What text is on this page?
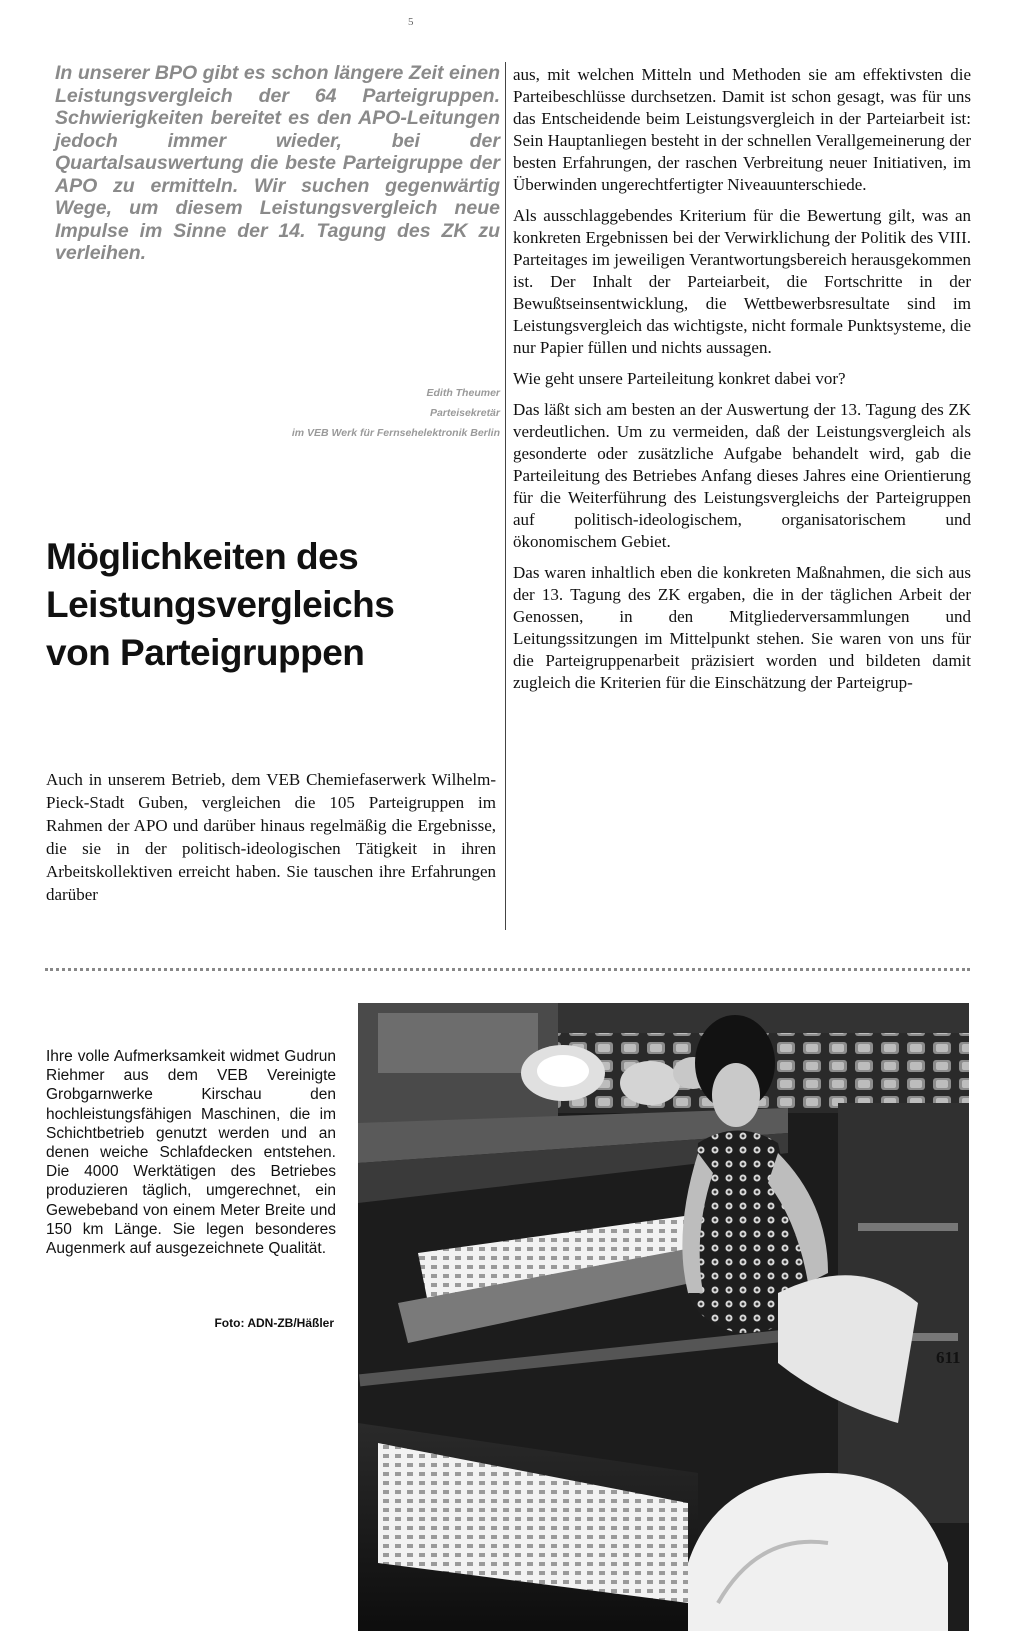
5

In unserer BPO gibt es schon längere Zeit einen Leistungsvergleich der 64 Parteigruppen. Schwierigkeiten bereitet es den APO-Leitungen jedoch immer wieder, bei der Quartalsauswertung die beste Parteigruppe der APO zu ermitteln. Wir suchen gegenwärtig Wege, um diesem Leistungsvergleich neue Impulse im Sinne der 14. Tagung des ZK zu verleihen.

Edith Theumer
Parteisekretär
im VEB Werk für Fernsehelektronik Berlin
Möglichkeiten des
Leistungsvergleichs
von Parteigruppen

Auch in unserem Betrieb, dem VEB Chemiefaserwerk Wilhelm-Pieck-Stadt Guben, vergleichen die 105 Parteigruppen im Rahmen der APO und darüber hinaus regelmäßig die Ergebnisse, die sie in der politisch-ideologischen Tätigkeit in ihren Arbeitskollektiven erreicht haben. Sie tauschen ihre Erfahrungen darüber

aus, mit welchen Mitteln und Methoden sie am effektivsten die Parteibeschlüsse durchsetzen. Damit ist schon gesagt, was für uns das Entscheidende beim Leistungsvergleich in der Parteiarbeit ist: Sein Hauptanliegen besteht in der schnellen Verallgemeinerung der besten Erfahrungen, der raschen Verbreitung neuer Initiativen, im Überwinden ungerechtfertigter Niveauunterschiede.

Als ausschlaggebendes Kriterium für die Bewertung gilt, was an konkreten Ergebnissen bei der Verwirklichung der Politik des VIII. Parteitages im jeweiligen Verantwortungsbereich herausgekommen ist. Der Inhalt der Parteiarbeit, die Fortschritte in der Bewußtseinsentwicklung, die Wettbewerbsresultate sind im Leistungsvergleich das wichtigste, nicht formale Punktsysteme, die nur Papier füllen und nichts aussagen.

Wie geht unsere Parteileitung konkret dabei vor?

Das läßt sich am besten an der Auswertung der 13. Tagung des ZK verdeutlichen. Um zu vermeiden, daß der Leistungsvergleich als gesonderte oder zusätzliche Aufgabe behandelt wird, gab die Parteileitung des Betriebes Anfang dieses Jahres eine Orientierung für die Weiterführung des Leistungsvergleichs der Parteigruppen auf politisch-ideologischem, organisatorischem und ökonomischem Gebiet.

Das waren inhaltlich eben die konkreten Maßnahmen, die sich aus der 13. Tagung des ZK ergaben, die in der täglichen Arbeit der Genossen, in den Mitgliederversammlungen und Leitungssitzungen im Mittelpunkt stehen. Sie waren von uns für die Parteigruppenarbeit präzisiert worden und bildeten damit zugleich die Kriterien für die Einschätzung der Parteigrup-

Ihre volle Aufmerksamkeit widmet Gudrun Riehmer aus dem VEB Vereinigte Grobgarnwerke Kirschau den hochleistungsfähigen Maschinen, die im Schichtbetrieb genutzt werden und an denen weiche Schlafdecken entstehen. Die 4000 Werktätigen des Betriebes produzieren täglich, umgerechnet, ein Gewebeband von einem Meter Breite und 150 km Länge. Sie legen besonderes Augenmerk auf ausgezeichnete Qualität.

Foto: ADN-ZB/Häßler
611
